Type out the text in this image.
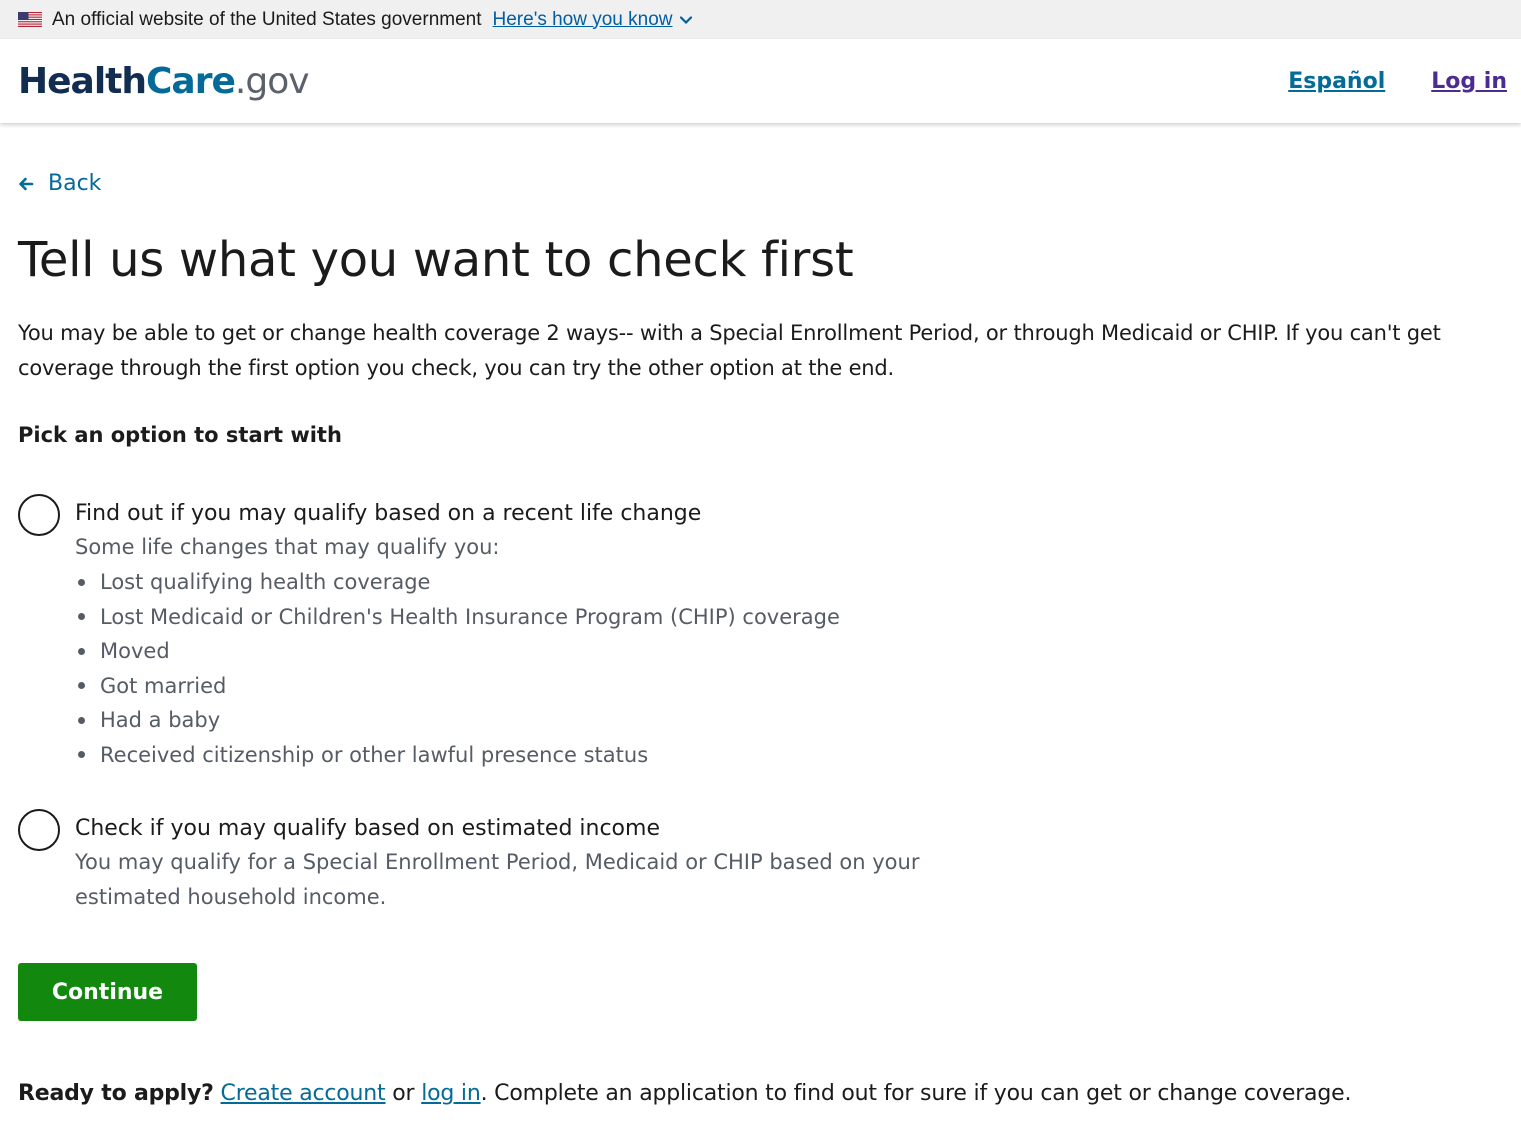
An official website of the United States government Here's how you know
Health Care .gov	Español Log in
Back
Tell us what you want to check first

You may be able to get or change health coverage 2 ways-- with a Special Enrollment Period, or through Medicaid or CHIP. If you can't get coverage through the first option you check, you can try the other option at the end.

Pick an option to start with
Find out if you may qualify based on a recent life change
Some life changes that may qualify you:
Lost qualifying health coverage
Lost Medicaid or Children's Health Insurance Program (CHIP) coverage
Moved
Got married
Had a baby
Received citizenship or other lawful presence status
Check if you may qualify based on estimated income
You may qualify for a Special Enrollment Period, Medicaid or CHIP based on your estimated household income.
Continue
Ready to apply? Create account or log in. Complete an application to find out for sure if you can get or change coverage.
